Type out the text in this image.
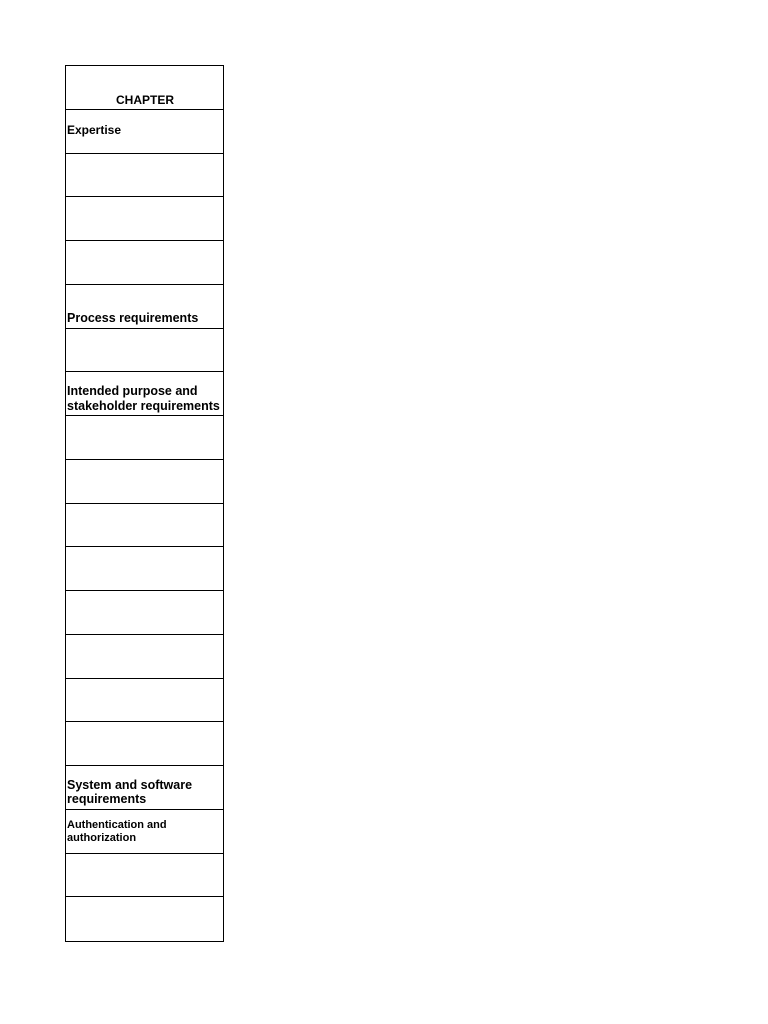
CHAPTER
Expertise
Process requirements
Intended purpose and stakeholder requirements
System and software requirements
Authentication and authorization
